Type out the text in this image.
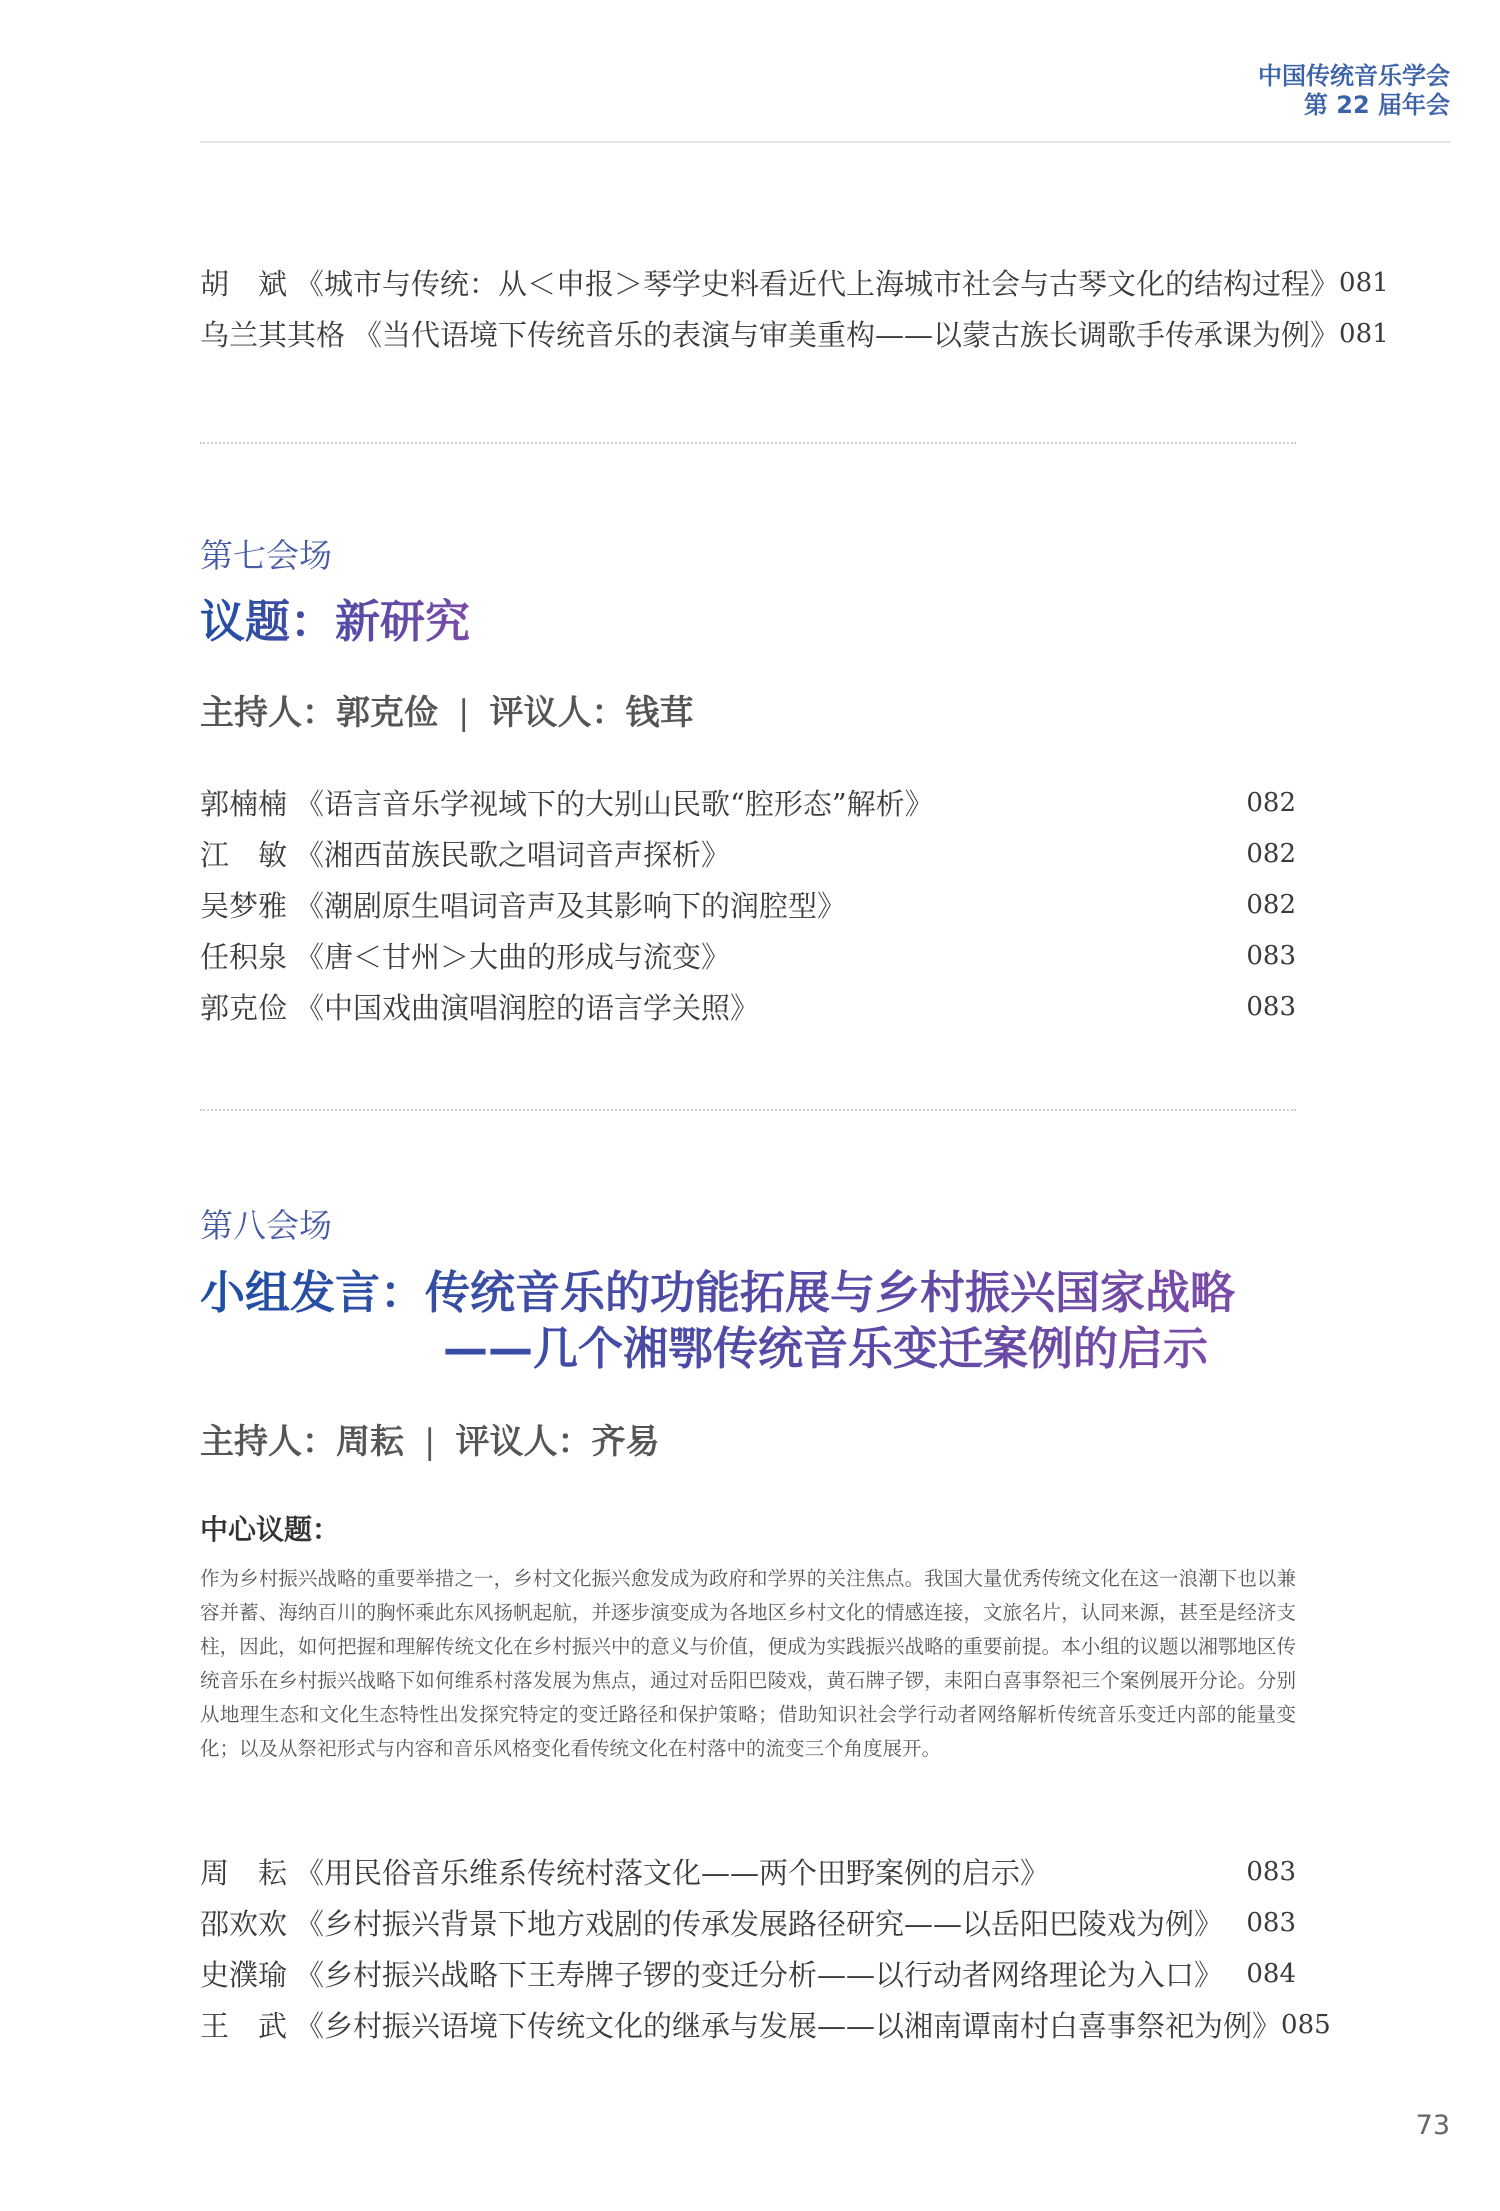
中国传统音乐学会
第 22 届年会
胡　斌 《城市与传统：从＜申报＞琴学史料看近代上海城市社会与古琴文化的结构过程》 081
乌兰其其格 《当代语境下传统音乐的表演与审美重构——以蒙古族长调歌手传承课为例》 081
第七会场
议题：新研究
主持人：郭克俭 | 评议人：钱茸
郭楠楠 《语言音乐学视域下的大别山民歌“腔形态”解析》	082
江　敏 《湘西苗族民歌之唱词音声探析》	082
吴梦雅 《潮剧原生唱词音声及其影响下的润腔型》	082
任积泉 《唐＜甘州＞大曲的形成与流变》	083
郭克俭 《中国戏曲演唱润腔的语言学关照》	083
第八会场
小组发言：传统音乐的功能拓展与乡村振兴国家战略
——几个湘鄂传统音乐变迁案例的启示
主持人：周耘 | 评议人：齐易
中心议题：
作为乡村振兴战略的重要举措之一，乡村文化振兴愈发成为政府和学界的关注焦点。我国大量优秀传统文化在这一浪潮下也以兼容并蓄、海纳百川的胸怀乘此东风扬帆起航，并逐步演变成为各地区乡村文化的情感连接，文旅名片，认同来源，甚至是经济支柱，因此，如何把握和理解传统文化在乡村振兴中的意义与价值，便成为实践振兴战略的重要前提。本小组的议题以湘鄂地区传统音乐在乡村振兴战略下如何维系村落发展为焦点，通过对岳阳巴陵戏，黄石牌子锣，耒阳白喜事祭祀三个案例展开分论。分别从地理生态和文化生态特性出发探究特定的变迁路径和保护策略；借助知识社会学行动者网络解析传统音乐变迁内部的能量变化；以及从祭祀形式与内容和音乐风格变化看传统文化在村落中的流变三个角度展开。
周　耘 《用民俗音乐维系传统村落文化——两个田野案例的启示》	083
邵欢欢 《乡村振兴背景下地方戏剧的传承发展路径研究——以岳阳巴陵戏为例》 083
史濮瑜 《乡村振兴战略下王寿牌子锣的变迁分析——以行动者网络理论为入口》 084
王　武 《乡村振兴语境下传统文化的继承与发展——以湘南谭南村白喜事祭祀为例》 085
73
